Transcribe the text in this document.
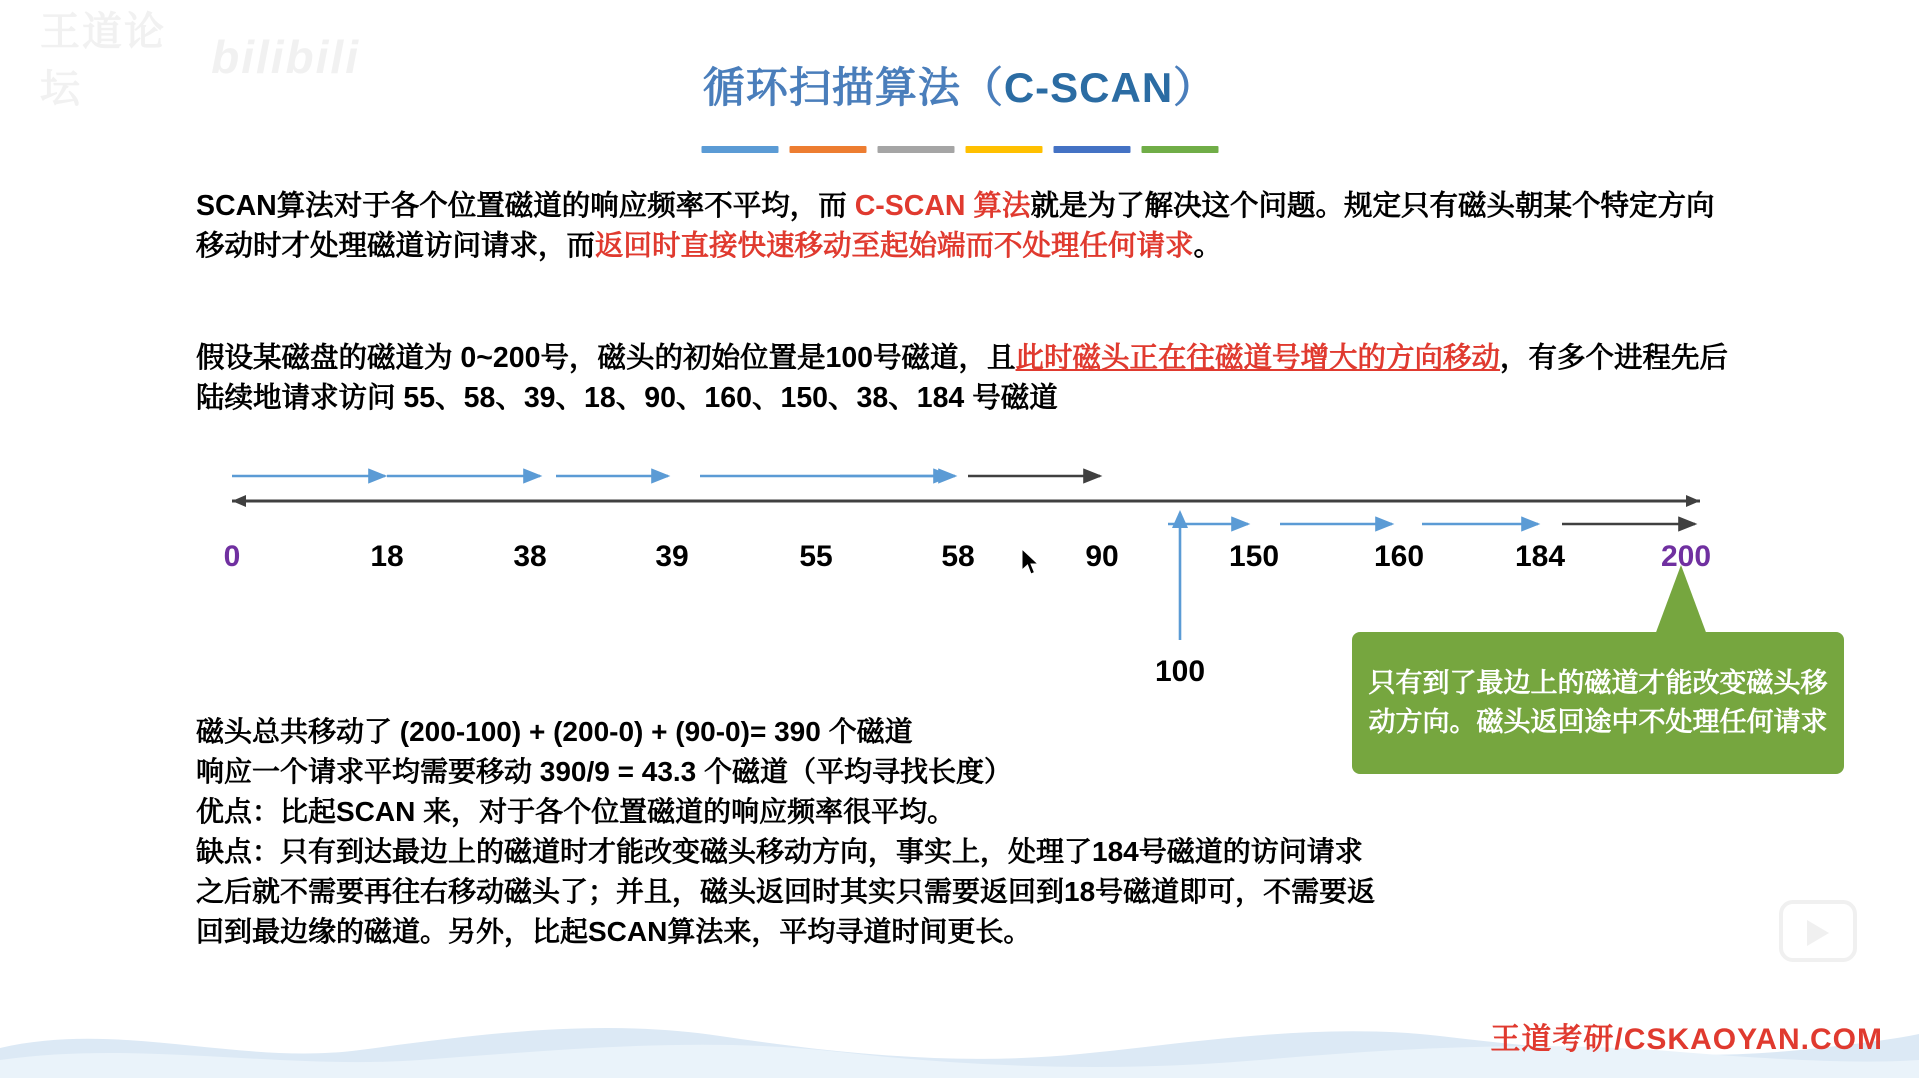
王道论坛
bilibili
循环扫描算法（C-SCAN）
SCAN算法对于各个位置磁道的响应频率不平均，而 C-SCAN 算法就是为了解决这个问题。规定只有磁头朝某个特定方向移动时才处理磁道访问请求，而返回时直接快速移动至起始端而不处理任何请求。
假设某磁盘的磁道为 0~200号，磁头的初始位置是100号磁道，且此时磁头正在往磁道号增大的方向移动，有多个进程先后陆续地请求访问 55、58、39、18、90、160、150、38、184 号磁道
0	18	38	39	55	58	90	150	160	184	200
100	只有到了最边上的磁道才能改变磁头移动方向。磁头返回途中不处理任何请求
磁头总共移动了 (200-100) + (200-0) + (90-0)= 390 个磁道
响应一个请求平均需要移动 390/9 = 43.3 个磁道（平均寻找长度）
优点：比起SCAN 来，对于各个位置磁道的响应频率很平均。
缺点：只有到达最边上的磁道时才能改变磁头移动方向，事实上，处理了184号磁道的访问请求
之后就不需要再往右移动磁头了；并且，磁头返回时其实只需要返回到18号磁道即可，不需要返
回到最边缘的磁道。另外，比起SCAN算法来，平均寻道时间更长。
王道考研/CSKAOYAN.COM
